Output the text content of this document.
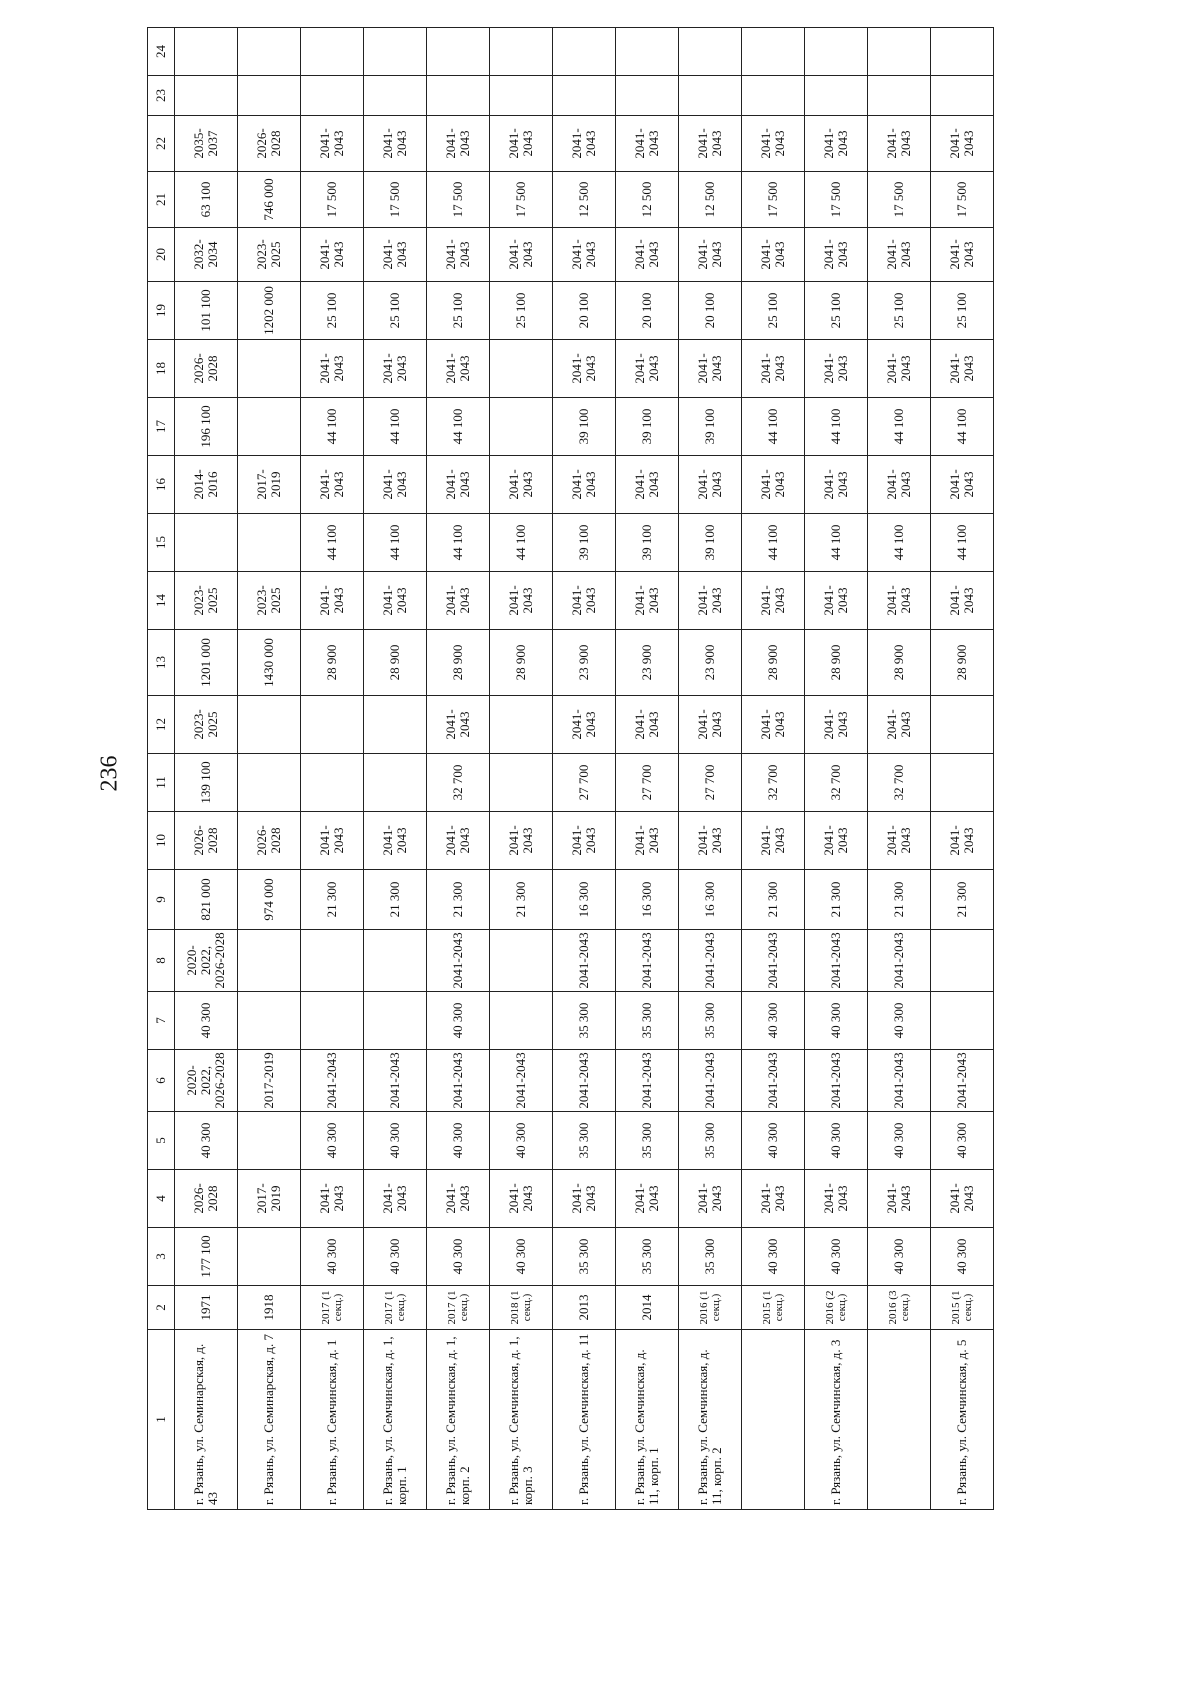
236
1	2	3	4	5	6	7	8	9	10	11	12	13	14	15	16	17	18	19	20	21	22	23	24
г. Рязань, ул. Семинарская, д. 43	1971	177 100	2026-2028	40 300	2020-2022, 2026-2028	40 300	2020-2022, 2026-2028	821 000	2026-2028	139 100	2023-2025	1201 000	2023-2025		2014-2016	196 100	2026-2028	101 100	2032-2034	63 100	2035-2037		
г. Рязань, ул. Семинарская, д. 7	1918		2017-2019		2017-2019			974 000	2026-2028			1430 000	2023-2025		2017-2019			1202 000	2023-2025	746 000	2026-2028		
г. Рязань, ул. Семчинская, д. 1	2017 (1 секц.)	40 300	2041-2043	40 300	2041-2043			21 300	2041-2043			28 900	2041-2043	44 100	2041-2043	44 100	2041-2043	25 100	2041-2043	17 500	2041-2043		
г. Рязань, ул. Семчинская, д. 1, корп. 1	2017 (1 секц.)	40 300	2041-2043	40 300	2041-2043			21 300	2041-2043			28 900	2041-2043	44 100	2041-2043	44 100	2041-2043	25 100	2041-2043	17 500	2041-2043		
г. Рязань, ул. Семчинская, д. 1, корп. 2	2017 (1 секц.)	40 300	2041-2043	40 300	2041-2043	40 300	2041-2043	21 300	2041-2043	32 700	2041-2043	28 900	2041-2043	44 100	2041-2043	44 100	2041-2043	25 100	2041-2043	17 500	2041-2043		
г. Рязань, ул. Семчинская, д. 1, корп. 3	2018 (1 секц.)	40 300	2041-2043	40 300	2041-2043			21 300	2041-2043			28 900	2041-2043	44 100	2041-2043			25 100	2041-2043	17 500	2041-2043		
г. Рязань, ул. Семчинская, д. 11	2013	35 300	2041-2043	35 300	2041-2043	35 300	2041-2043	16 300	2041-2043	27 700	2041-2043	23 900	2041-2043	39 100	2041-2043	39 100	2041-2043	20 100	2041-2043	12 500	2041-2043		
г. Рязань, ул. Семчинская, д. 11, корп. 1	2014	35 300	2041-2043	35 300	2041-2043	35 300	2041-2043	16 300	2041-2043	27 700	2041-2043	23 900	2041-2043	39 100	2041-2043	39 100	2041-2043	20 100	2041-2043	12 500	2041-2043		
г. Рязань, ул. Семчинская, д. 11, корп. 2	2016 (1 секц.)	35 300	2041-2043	35 300	2041-2043	35 300	2041-2043	16 300	2041-2043	27 700	2041-2043	23 900	2041-2043	39 100	2041-2043	39 100	2041-2043	20 100	2041-2043	12 500	2041-2043		
	2015 (1 секц.)	40 300	2041-2043	40 300	2041-2043	40 300	2041-2043	21 300	2041-2043	32 700	2041-2043	28 900	2041-2043	44 100	2041-2043	44 100	2041-2043	25 100	2041-2043	17 500	2041-2043		
г. Рязань, ул. Семчинская, д. 3	2016 (2 секц.)	40 300	2041-2043	40 300	2041-2043	40 300	2041-2043	21 300	2041-2043	32 700	2041-2043	28 900	2041-2043	44 100	2041-2043	44 100	2041-2043	25 100	2041-2043	17 500	2041-2043		
	2016 (3 секц.)	40 300	2041-2043	40 300	2041-2043	40 300	2041-2043	21 300	2041-2043	32 700	2041-2043	28 900	2041-2043	44 100	2041-2043	44 100	2041-2043	25 100	2041-2043	17 500	2041-2043		
г. Рязань, ул. Семчинская, д. 5	2015 (1 секц.)	40 300	2041-2043	40 300	2041-2043			21 300	2041-2043			28 900	2041-2043	44 100	2041-2043	44 100	2041-2043	25 100	2041-2043	17 500	2041-2043		
